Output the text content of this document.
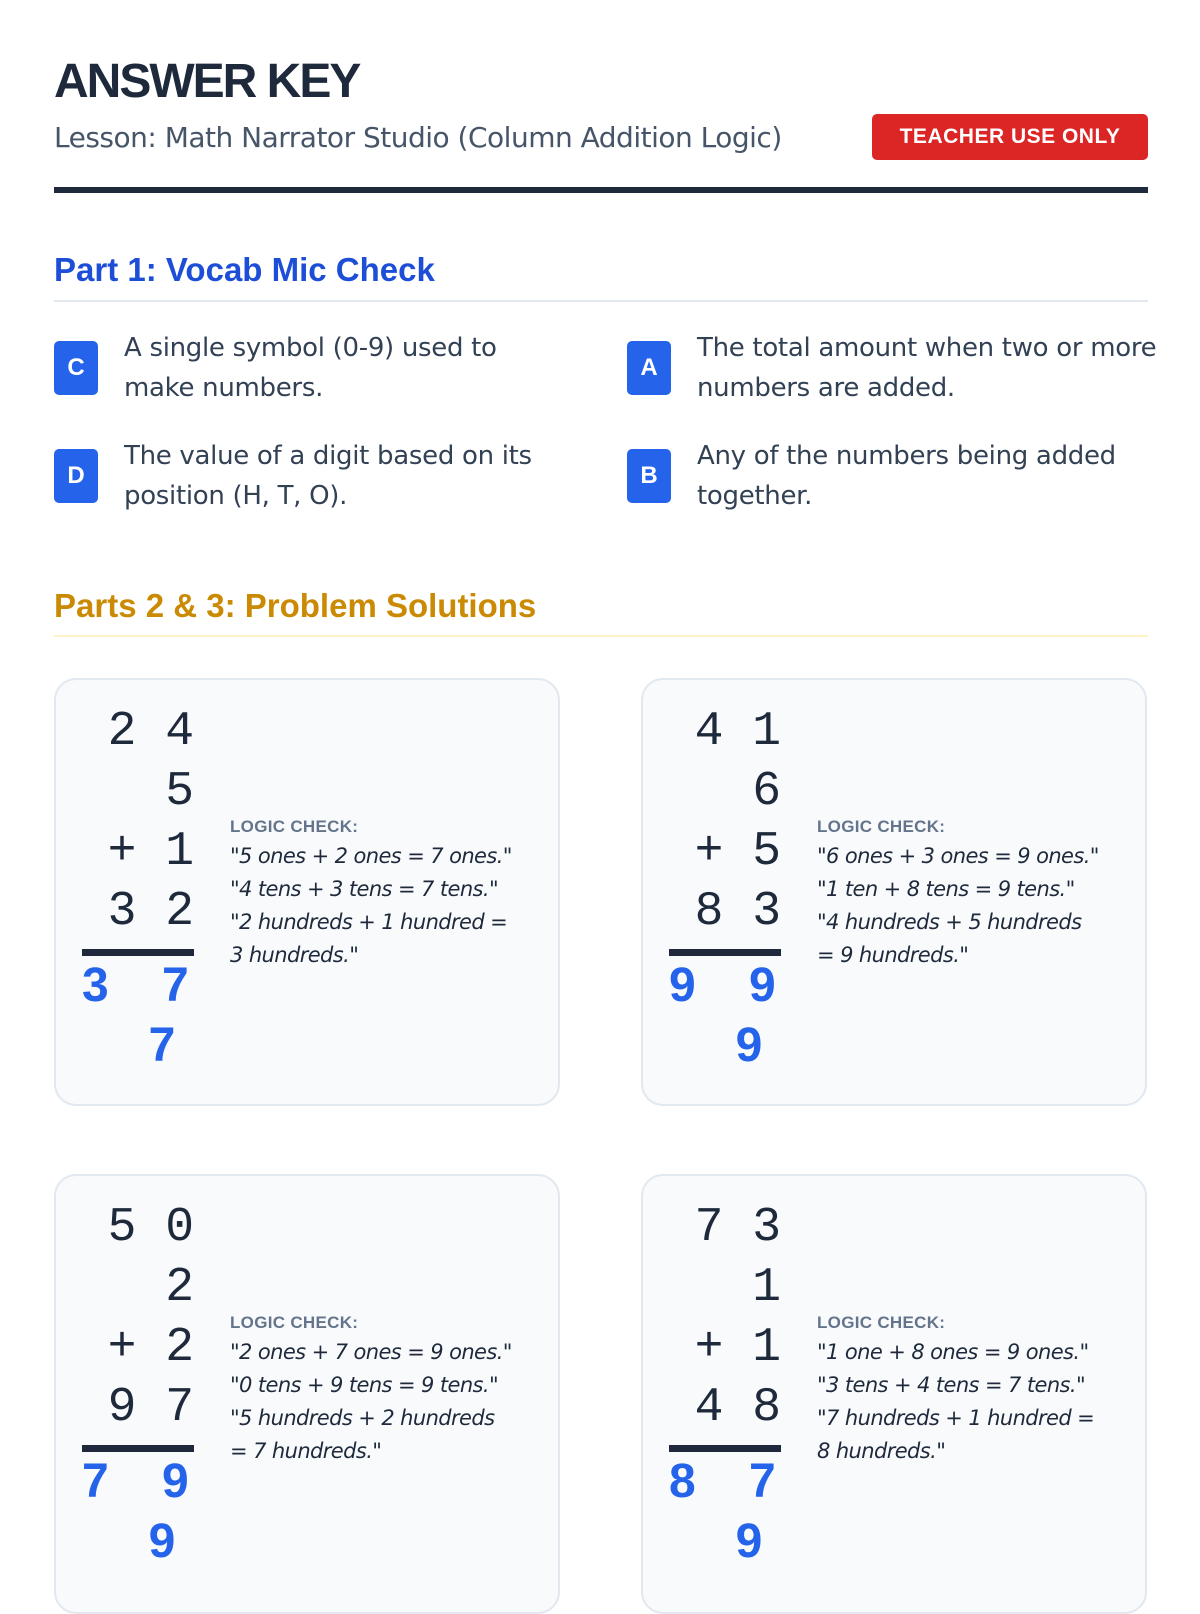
ANSWER KEY
Lesson: Math Narrator Studio (Column Addition Logic)	TEACHER USE ONLY
Part 1: Vocab Mic Check
C
A single symbol (0-9) used to make numbers.
A
The total amount when two or more numbers are added.
D
The value of a digit based on its position (H, T, O).
B
Any of the numbers being added together.
Parts 2 & 3: Problem Solutions
2 4
5
+ 1
3 2
3 7
7
LOGIC CHECK:
"5 ones + 2 ones = 7 ones."
"4 tens + 3 tens = 7 tens."
"2 hundreds + 1 hundred =
3 hundreds."
4 1
6
+ 5
8 3
9 9
9
LOGIC CHECK:
"6 ones + 3 ones = 9 ones."
"1 ten + 8 tens = 9 tens."
"4 hundreds + 5 hundreds
= 9 hundreds."
5 0
2
+ 2
9 7
7 9
9
LOGIC CHECK:
"2 ones + 7 ones = 9 ones."
"0 tens + 9 tens = 9 tens."
"5 hundreds + 2 hundreds
= 7 hundreds."
7 3
1
+ 1
4 8
8 7
9
LOGIC CHECK:
"1 one + 8 ones = 9 ones."
"3 tens + 4 tens = 7 tens."
"7 hundreds + 1 hundred =
8 hundreds."
